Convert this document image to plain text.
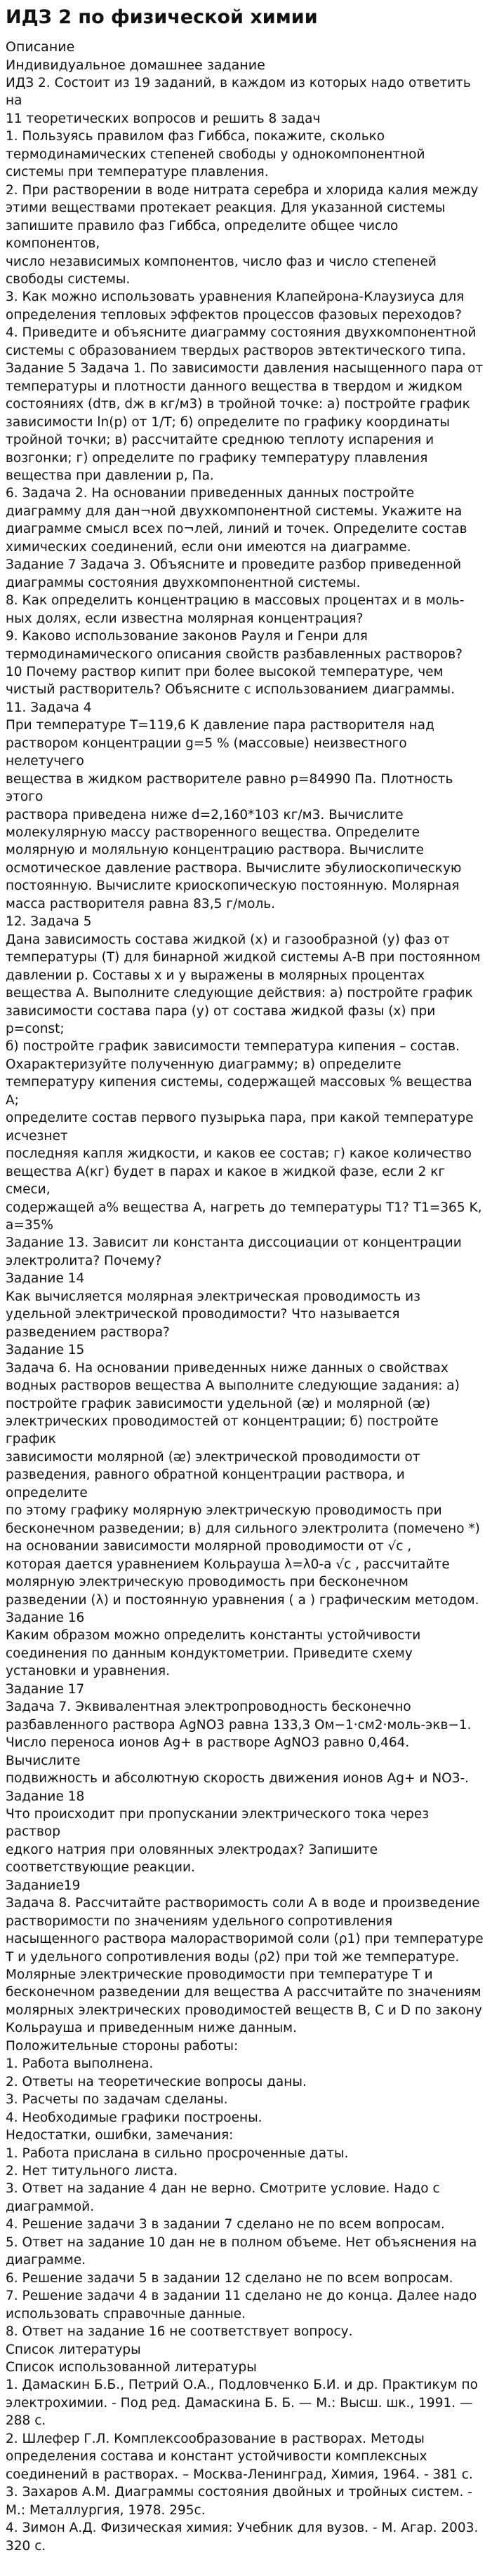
ИДЗ 2 по физической химии

Описание

Индивидуальное домашнее задание

ИДЗ 2. Состоит из 19 заданий, в каждом из которых надо ответить на
11 теоретических вопросов и решить 8 задач
1. Пользуясь правилом фаз Гиббса, покажите, сколько
термодинамических степеней свободы у однокомпонентной
системы при температуре плавления.
2. При растворении в воде нитрата серебра и хлорида калия между
этими веществами протекает реакция. Для указанной системы
запишите правило фаз Гиббса, определите общее число компонентов,
число независимых компонентов, число фаз и число степеней
свободы системы.
3. Как можно использовать уравнения Клапейрона-Клаузиуса для
определения тепловых эффектов процессов фазовых переходов?
4. Приведите и объясните диаграмму состояния двухкомпонентной
системы с образованием твердых растворов эвтектического типа.
Задание 5 Задача 1. По зависимости давления насыщенного пара от
температуры и плотности данного вещества в твердом и жидком
состояниях (dтв, dж в кг/м3) в тройной точке: а) постройте график
зависимости ln(p) от 1/T; б) определите по графику координаты
тройной точки; в) рассчитайте среднюю теплоту испарения и
возгонки; г) определите по графику температуру плавления
вещества при давлении р, Па.
6. Задача 2. На основании приведенных данных постройте
диаграмму для дан¬ной двухкомпонентной системы. Укажите на
диаграмме смысл всех по¬лей, линий и точек. Определите состав
химических соединений, если они имеются на диаграмме.
Задание 7 Задача 3. Объясните и проведите разбор приведенной
диаграммы состояния двухкомпонентной системы.
8. Как определить концентрацию в массовых процентах и в моль-
ных долях, если известна молярная концентрация?
9. Каково использование законов Рауля и Генри для
термодинамического описания свойств разбавленных растворов?
10 Почему раствор кипит при более высокой температуре, чем
чистый растворитель? Объясните с использованием диаграммы.
11. Задача 4
При температуре Т=119,6 К давление пара растворителя над
раствором концентрации g=5 % (массовые) неизвестного нелетучего
вещества в жидком растворителе равно р=84990 Па. Плотность этого
раствора приведена ниже d=2,160*103 кг/м3. Вычислите
молекулярную массу растворенного вещества. Определите
молярную и моляльную концентрацию раствора. Вычислите
осмотическое давление раствора. Вычислите эбулиоскопическую
постоянную. Вычислите криоскопическую постоянную. Молярная
масса растворителя равна 83,5 г/моль.
12. Задача 5
Дана зависимость состава жидкой (х) и газообразной (у) фаз от
температуры (Т) для бинарной жидкой системы А-В при постоянном
давлении р. Составы х и у выражены в молярных процентах
вещества А. Выполните следующие действия: а) постройте график
зависимости состава пара (у) от состава жидкой фазы (х) при р=const;
б) постройте график зависимости температура кипения – состав.
Охарактеризуйте полученную диаграмму; в) определите
температуру кипения системы, содержащей массовых % вещества А;
определите состав первого пузырька пара, при какой температуре исчезнет
последняя капля жидкости, и каков ее состав; г) какое количество
вещества А(кг) будет в парах и какое в жидкой фазе, если 2 кг смеси,
содержащей а% вещества А, нагреть до температуры T1? T1=365 K,
а=35%
Задание 13. Зависит ли константа диссоциации от концентрации
электролита? Почему?
Задание 14
Как вычисляется молярная электрическая проводимость из
удельной электрической проводимости? Что называется
разведением раствора?
Задание 15
Задача 6. На основании приведенных ниже данных о свойствах
водных растворов вещества А выполните следующие задания: а)
постройте график зависимости удельной (ᴂ) и молярной (ᴂ)
электрических проводимостей от концентрации; б) постройте график
зависимости молярной (ᴂ) электрической проводимости от
разведения, равного обратной концентрации раствора, и определите
по этому графику молярную электрическую проводимость при
бесконечном разведении; в) для сильного электролита (помечено *)
на основании зависимости молярной проводимости от √c ,
которая дается уравнением Кольрауша λ=λ0-a √c , рассчитайте
молярную электрическую проводимость при бесконечном
разведении (λ) и постоянную уравнения ( a ) графическим методом.
Задание 16
Каким образом можно определить константы устойчивости
соединения по данным кондуктометрии. Приведите схему
установки и уравнения.
Задание 17
Задача 7. Эквивалентная электропроводность бесконечно
разбавленного раствора AgNO3 равна 133,3 Ом−1·см2·моль-экв−1.
Число переноса ионов Ag+ в растворе AgNO3 равно 0,464. Вычислите
подвижность и абсолютную скорость движения ионов Ag+ и NO3-.
Задание 18
Что происходит при пропускании электрического тока через раствор
едкого натрия при оловянных электродах? Запишите
соответствующие реакции.
Задание19
Задача 8. Рассчитайте растворимость соли А в воде и произведение
растворимости по значениям удельного сопротивления
насыщенного раствора малорастворимой соли (ρ1) при температуре
Т и удельного сопротивления воды (ρ2) при той же температуре.
Молярные электрические проводимости при температуре Т и
бесконечном разведении для вещества А рассчитайте по значениям
молярных электрических проводимостей веществ B, C и D по закону
Кольрауша и приведенным ниже данным.
Положительные стороны работы:
1. Работа выполнена.
2. Ответы на теоретические вопросы даны.
3. Расчеты по задачам сделаны.
4. Необходимые графики построены.
Недостатки, ошибки, замечания:
1. Работа прислана в сильно просроченные даты.
2. Нет титульного листа.
3. Ответ на задание 4 дан не верно. Смотрите условие. Надо с
диаграммой.
4. Решение задачи 3 в задании 7 сделано не по всем вопросам.
5. Ответ на задание 10 дан не в полном объеме. Нет объяснения на
диаграмме.
6. Решение задачи 5 в задании 12 сделано не по всем вопросам.
7. Решение задачи 4 в задании 11 сделано не до конца. Далее надо
использовать справочные данные.
8. Ответ на задание 16 не соответствует вопросу.
Список литературы
Список использованной литературы
1. Дамаскин Б.Б., Петрий О.А., Подловченко Б.И. и др. Практикум по
электрохимии. - Под ред. Дамаскина Б. Б. — М.: Высш. шк., 1991. — 288 с.
2. Шлефер Г.Л. Комплексообразование в растворах. Методы
определения состава и констант устойчивости комплексных
соединений в растворах. – Москва-Ленинград, Химия, 1964. - 381 с.
3. Захаров А.М. Диаграммы состояния двойных и тройных систем. -
М.: Металлургия, 1978. 295с.
4. Зимон А.Д. Физическая химия: Учебник для вузов. - М. Агар. 2003.
320 с.
